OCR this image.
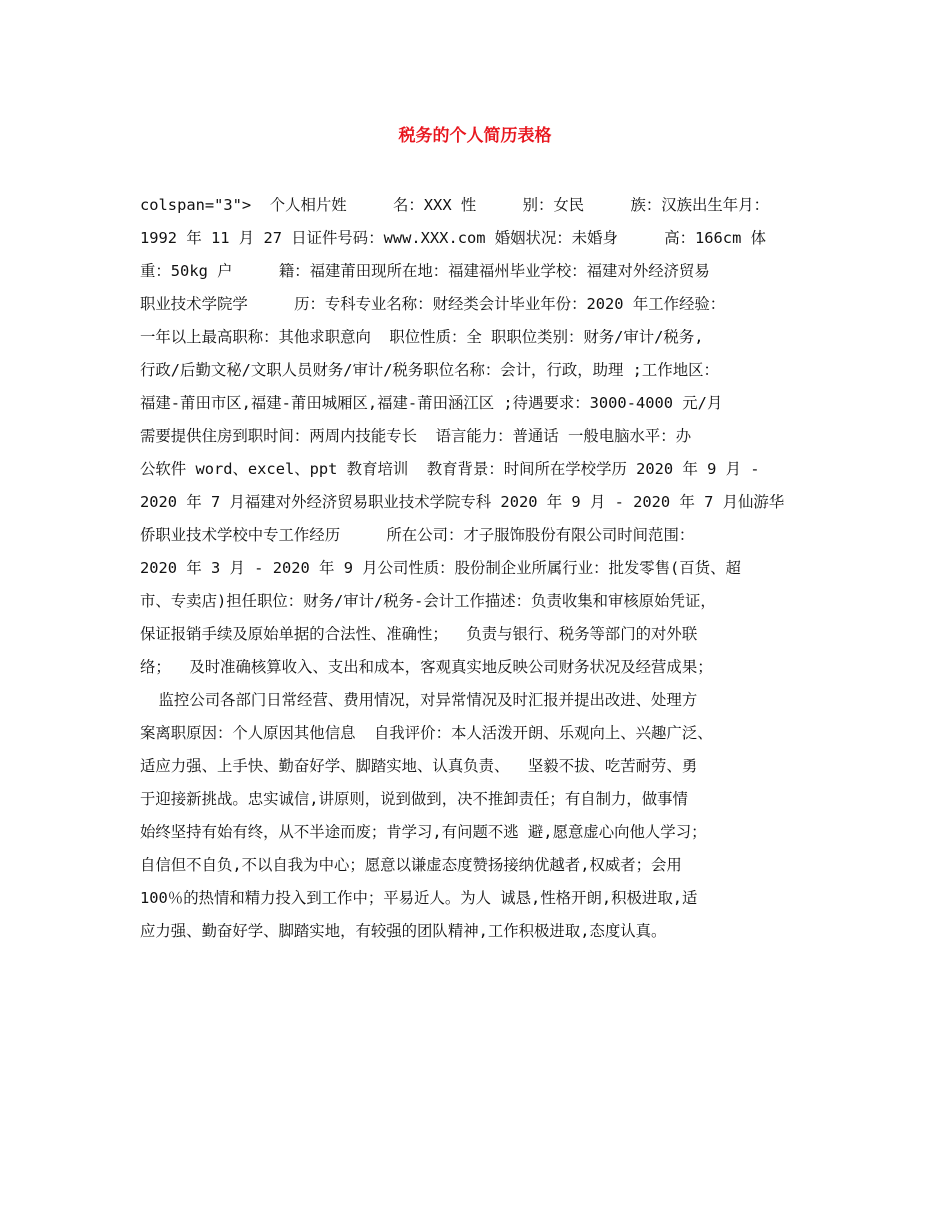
税务的个人简历表格
colspan="3">  个人相片姓     名：XXX 性     别：女民     族：汉族出生年月：
1992 年 11 月 27 日证件号码：www.XXX.com 婚姻状况：未婚身     高：166cm 体
重：50kg 户     籍：福建莆田现所在地：福建福州毕业学校：福建对外经济贸易
职业技术学院学     历：专科专业名称：财经类会计毕业年份：2020 年工作经验：
一年以上最高职称：其他求职意向  职位性质：全 职职位类别：财务/审计/税务,
行政/后勤文秘/文职人员财务/审计/税务职位名称：会计，行政，助理 ;工作地区：
福建-莆田市区,福建-莆田城厢区,福建-莆田涵江区 ;待遇要求：3000-4000 元/月
需要提供住房到职时间：两周内技能专长  语言能力：普通话 一般电脑水平：办
公软件 word、excel、ppt 教育培训  教育背景：时间所在学校学历 2020 年 9 月 -
2020 年 7 月福建对外经济贸易职业技术学院专科 2020 年 9 月 - 2020 年 7 月仙游华
侨职业技术学校中专工作经历     所在公司：才子服饰股份有限公司时间范围：
2020 年 3 月 - 2020 年 9 月公司性质：股份制企业所属行业：批发零售(百货、超
市、专卖店)担任职位：财务/审计/税务-会计工作描述：负责收集和审核原始凭证，
保证报销手续及原始单据的合法性、准确性；  负责与银行、税务等部门的对外联
络；  及时准确核算收入、支出和成本，客观真实地反映公司财务状况及经营成果；
监控公司各部门日常经营、费用情况，对异常情况及时汇报并提出改进、处理方
案离职原因：个人原因其他信息  自我评价：本人活泼开朗、乐观向上、兴趣广泛、
适应力强、上手快、勤奋好学、脚踏实地、认真负责、  坚毅不拔、吃苦耐劳、勇
于迎接新挑战。忠实诚信,讲原则，说到做到，决不推卸责任；有自制力，做事情
始终坚持有始有终，从不半途而废；肯学习,有问题不逃 避,愿意虚心向他人学习；
自信但不自负,不以自我为中心；愿意以谦虚态度赞扬接纳优越者,权威者；会用
100％的热情和精力投入到工作中；平易近人。为人 诚恳,性格开朗,积极进取,适
应力强、勤奋好学、脚踏实地，有较强的团队精神,工作积极进取,态度认真。
